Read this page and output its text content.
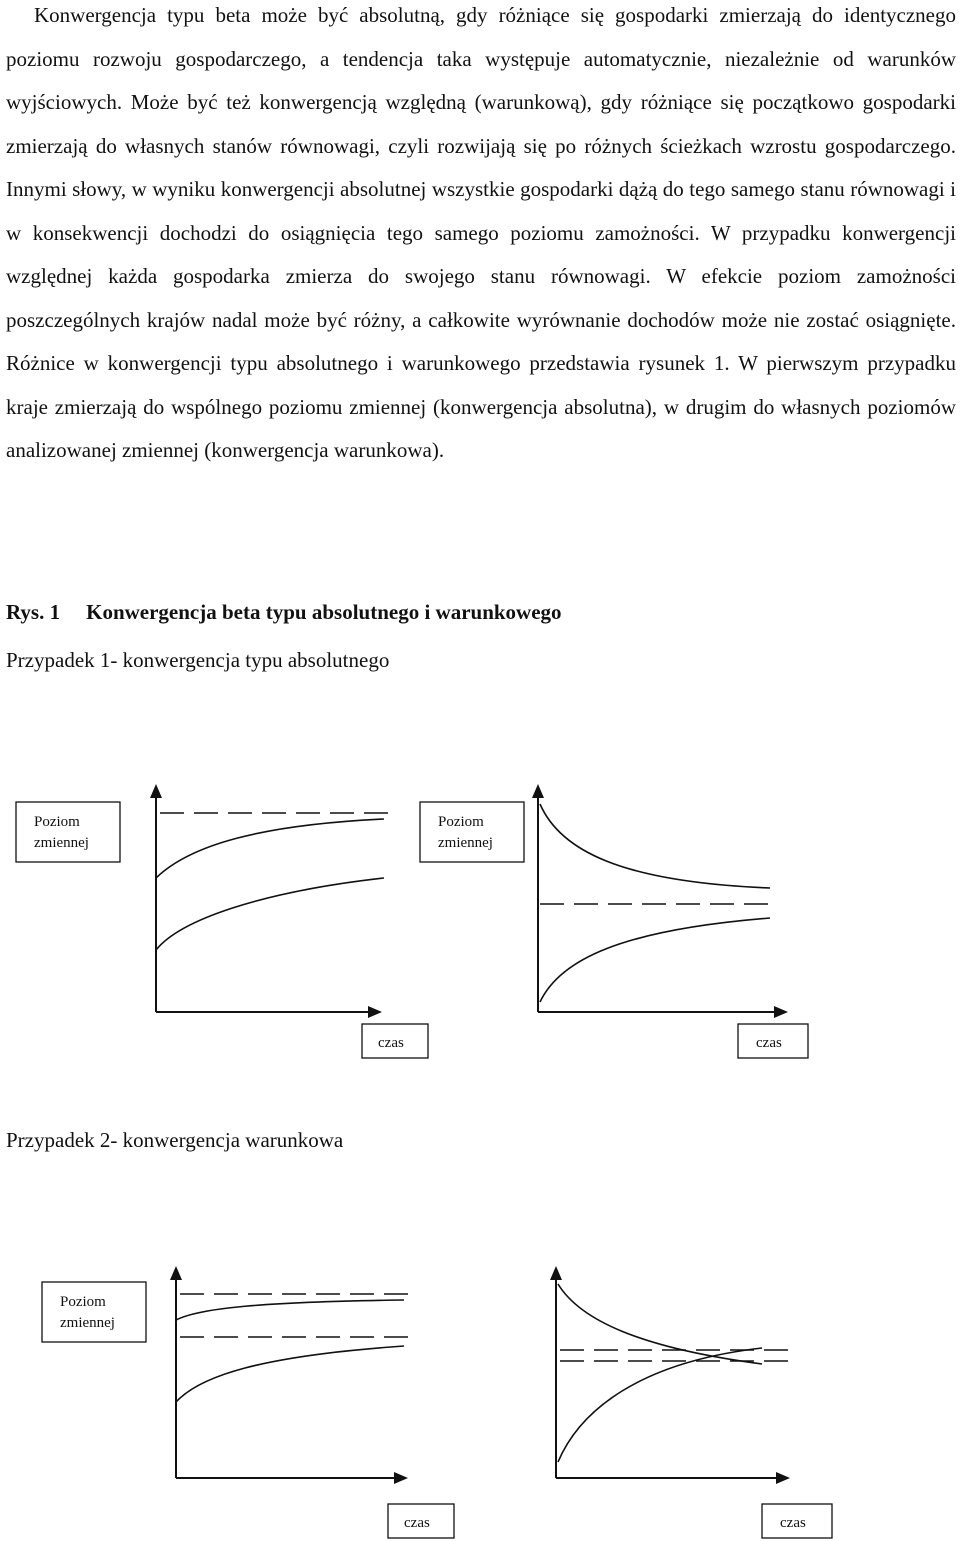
Konwergencja typu beta może być absolutną, gdy różniące się gospodarki zmierzają do identycznego poziomu rozwoju gospodarczego, a tendencja taka występuje automatycznie, niezależnie od warunków wyjściowych. Może być też konwergencją względną (warunkową), gdy różniące się początkowo gospodarki zmierzają do własnych stanów równowagi, czyli rozwijają się po różnych ścieżkach wzrostu gospodarczego. Innymi słowy, w wyniku konwergencji absolutnej wszystkie gospodarki dążą do tego samego stanu równowagi i w konsekwencji dochodzi do osiągnięcia tego samego poziomu zamożności. W przypadku konwergencji względnej każda gospodarka zmierza do swojego stanu równowagi. W efekcie poziom zamożności poszczególnych krajów nadal może być różny, a całkowite wyrównanie dochodów może nie zostać osiągnięte. Różnice w konwergencji typu absolutnego i warunkowego przedstawia rysunek 1. W pierwszym przypadku kraje zmierzają do wspólnego poziomu zmiennej (konwergencja absolutna), w drugim do własnych poziomów analizowanej zmiennej (konwergencja warunkowa).

Rys. 1 Konwergencja beta typu absolutnego i warunkowego
Przypadek 1- konwergencja typu absolutnego
Poziom
zmiennej
czas
Poziom
zmiennej
czas
Przypadek 2- konwergencja warunkowa
Poziom
zmiennej
czas	czas
